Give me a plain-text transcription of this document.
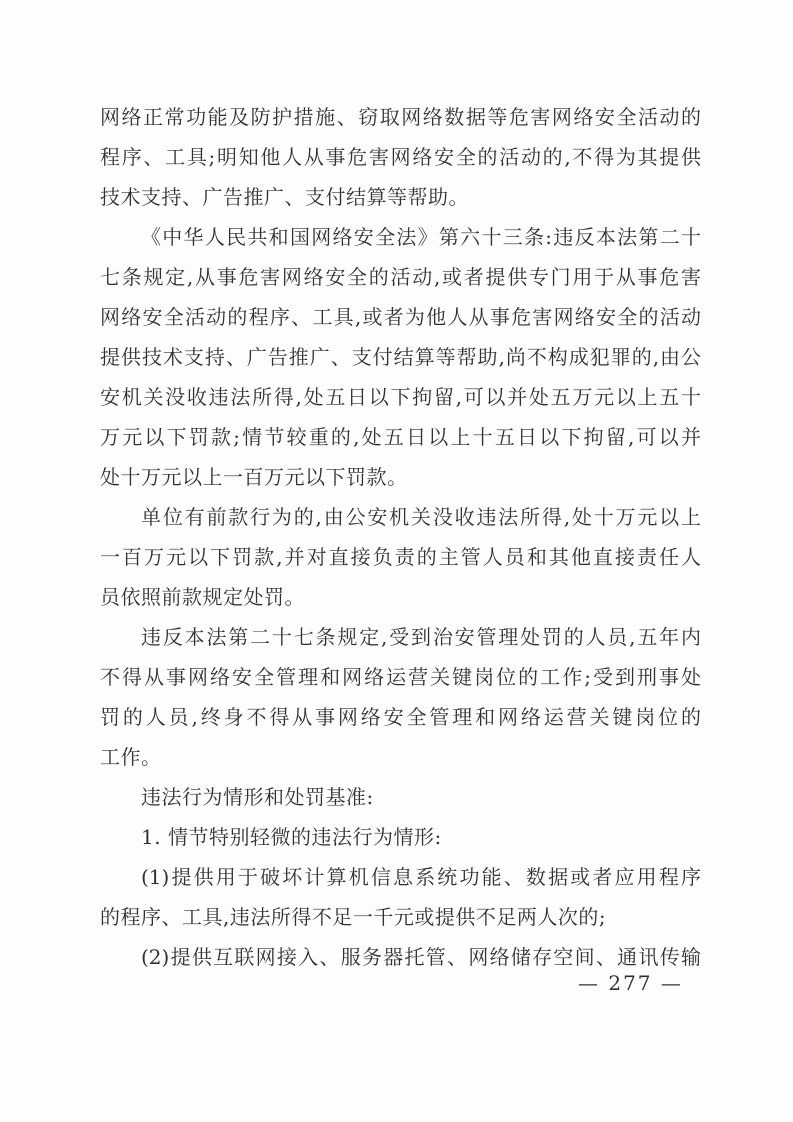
网络正常功能及防护措施、窃取网络数据等危害网络安全活动的
程序、工具;明知他人从事危害网络安全的活动的,不得为其提供
技术支持、广告推广、支付结算等帮助。

《中华人民共和国网络安全法》第六十三条:违反本法第二十
七条规定,从事危害网络安全的活动,或者提供专门用于从事危害
网络安全活动的程序、工具,或者为他人从事危害网络安全的活动
提供技术支持、广告推广、支付结算等帮助,尚不构成犯罪的,由公
安机关没收违法所得,处五日以下拘留,可以并处五万元以上五十
万元以下罚款;情节较重的,处五日以上十五日以下拘留,可以并
处十万元以上一百万元以下罚款。

单位有前款行为的,由公安机关没收违法所得,处十万元以上
一百万元以下罚款,并对直接负责的主管人员和其他直接责任人
员依照前款规定处罚。

违反本法第二十七条规定,受到治安管理处罚的人员,五年内
不得从事网络安全管理和网络运营关键岗位的工作;受到刑事处
罚的人员,终身不得从事网络安全管理和网络运营关键岗位的
工作。

违法行为情形和处罚基准:

1. 情节特别轻微的违法行为情形:

(1)提供用于破坏计算机信息系统功能、数据或者应用程序
的程序、工具,违法所得不足一千元或提供不足两人次的;

(2)提供互联网接入、服务器托管、网络储存空间、通讯传输

— 277 —
